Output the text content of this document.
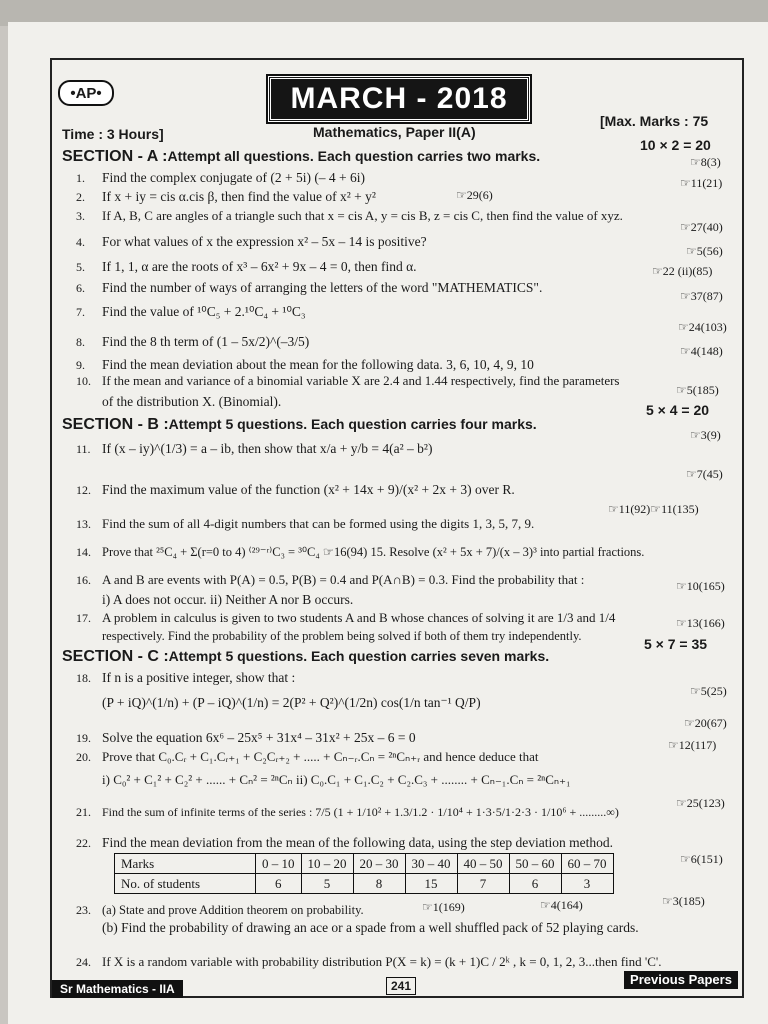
•AP•	MARCH - 2018
Time : 3 Hours]	Mathematics, Paper II(A)
[Max. Marks : 75
SECTION - A :Attempt all questions. Each question carries two marks.
10 × 2 = 20
1. Find the complex conjugate of (2 + 5i) (– 4 + 6i)
☞8(3)
2. If x + iy = cis α.cis β, then find the value of x² + y²
☞11(21)
3. If A, B, C are angles of a triangle such that x = cis A, y = cis B, z = cis C, then find the value of xyz.
☞29(6)
4. For what values of x the expression x² – 5x – 14 is positive?
☞27(40)
5. If 1, 1, α are the roots of x³ – 6x² + 9x – 4 = 0, then find α.
☞5(56)
6. Find the number of ways of arranging the letters of the word "MATHEMATICS".
☞22 (ii)(85)
7. Find the value of ¹⁰C₅ + 2.¹⁰C₄ + ¹⁰C₃
☞37(87)
8. Find the 8 th term of (1 – 5x/2)^(–3/5)
☞24(103)
9. Find the mean deviation about the mean for the following data. 3, 6, 10, 4, 9, 10
☞4(148)
10. If the mean and variance of a binomial variable X are 2.4 and 1.44 respectively, find the parameters
☞5(185)
of the distribution X. (Binomial).
SECTION - B :Attempt 5 questions. Each question carries four marks.
5 × 4 = 20
11. If (x – iy)^(1/3) = a – ib, then show that x/a + y/b = 4(a² – b²)
☞3(9)
12. Find the maximum value of the function (x² + 14x + 9)/(x² + 2x + 3) over R.
☞7(45)
13. Find the sum of all 4-digit numbers that can be formed using the digits 1, 3, 5, 7, 9.
☞11(92)☞11(135)
14. Prove that ²⁵C₄ + Σ(r=0 to 4) ⁽²⁹⁻ʳ⁾C₃ = ³⁰C₄ ☞16(94) 15. Resolve (x² + 5x + 7)/(x – 3)³ into partial fractions.
16. A and B are events with P(A) = 0.5, P(B) = 0.4 and P(A∩B) = 0.3. Find the probability that :	☞10(165)
i) A does not occur. ii) Neither A nor B occurs.
17. A problem in calculus is given to two students A and B whose chances of solving it are 1/3 and 1/4
respectively. Find the probability of the problem being solved if both of them try independently.
☞13(166)
SECTION - C :Attempt 5 questions. Each question carries seven marks.
5 × 7 = 35
18. If n is a positive integer, show that :
(P + iQ)^(1/n) + (P – iQ)^(1/n) = 2(P² + Q²)^(1/2n) cos(1/n tan⁻¹ Q/P)
☞5(25)
19. Solve the equation 6x⁶ – 25x⁵ + 31x⁴ – 31x² + 25x – 6 = 0
☞20(67)
20. Prove that C₀.Cᵣ + C₁.Cᵣ₊₁ + C₂Cᵣ₊₂ + ..... + Cₙ₋ᵣ.Cₙ = ²ⁿCₙ₊ᵣ and hence deduce that
☞12(117)
i) C₀² + C₁² + C₂² + ...... + Cₙ² = ²ⁿCₙ ii) C₀.C₁ + C₁.C₂ + C₂.C₃ + ........ + Cₙ₋₁.Cₙ = ²ⁿCₙ₊₁
21. Find the sum of infinite terms of the series : 7/5 (1 + 1/10² + 1.3/1.2 · 1/10⁴ + 1·3·5/1·2·3 · 1/10⁶ + .........∞)
☞25(123)
22. Find the mean deviation from the mean of the following data, using the step deviation method.
☞6(151)
Marks	0 – 10	10 – 20	20 – 30	30 – 40	40 – 50	50 – 60	60 – 70
No. of students	6	5	8	15	7	6	3
23. (a) State and prove Addition theorem on probability.	☞1(169)	☞4(164)	☞3(185)
(b) Find the probability of drawing an ace or a spade from a well shuffled pack of 52 playing cards.
24. If X is a random variable with probability distribution P(X = k) = (k + 1)C / 2ᵏ , k = 0, 1, 2, 3...then find 'C'.
Sr Mathematics - IIA	241	Previous Papers
